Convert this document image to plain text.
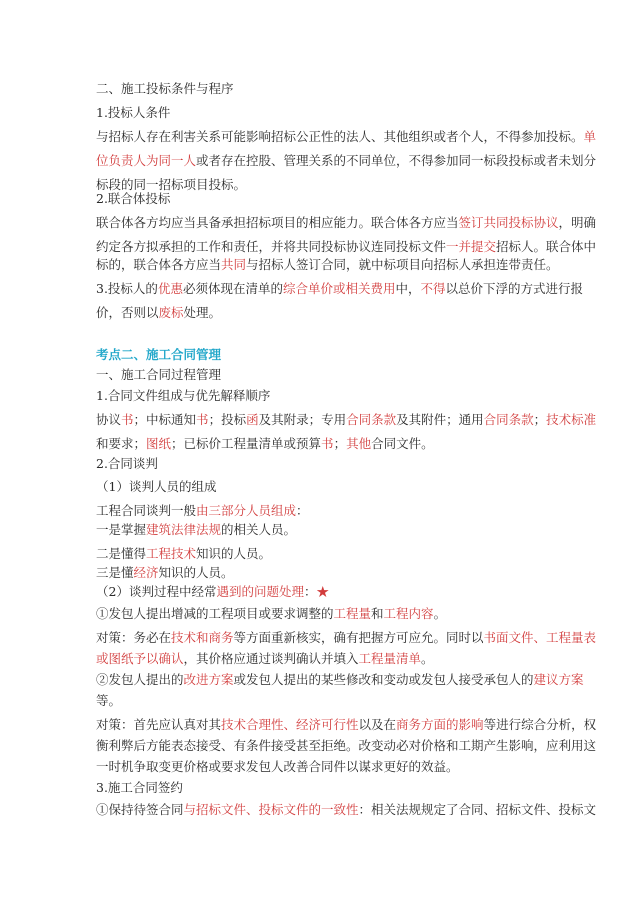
二、施工投标条件与程序
1.投标人条件
与招标人存在利害关系可能影响招标公正性的法人、其他组织或者个人，不得参加投标。单
位负责人为同一人或者存在控股、管理关系的不同单位，不得参加同一标段投标或者未划分
标段的同一招标项目投标。
2.联合体投标
联合体各方均应当具备承担招标项目的相应能力。联合体各方应当签订共同投标协议，明确
约定各方拟承担的工作和责任，并将共同投标协议连同投标文件一并提交招标人。联合体中
标的，联合体各方应当共同与招标人签订合同，就中标项目向招标人承担连带责任。
3.投标人的优惠必须体现在清单的综合单价或相关费用中，不得以总价下浮的方式进行报
价，否则以废标处理。
考点二、施工合同管理
一、施工合同过程管理
1.合同文件组成与优先解释顺序
协议书；中标通知书；投标函及其附录；专用合同条款及其附件；通用合同条款；技术标准
和要求；图纸；已标价工程量清单或预算书；其他合同文件。
2.合同谈判
（1）谈判人员的组成
工程合同谈判一般由三部分人员组成：
一是掌握建筑法律法规的相关人员。
二是懂得工程技术知识的人员。
三是懂经济知识的人员。
（2）谈判过程中经常遇到的问题处理：★
①发包人提出增减的工程项目或要求调整的工程量和工程内容。
对策：务必在技术和商务等方面重新核实，确有把握方可应允。同时以书面文件、工程量表
或图纸予以确认，其价格应通过谈判确认并填入工程量清单。
②发包人提出的改进方案或发包人提出的某些修改和变动或发包人接受承包人的建议方案
等。
对策：首先应认真对其技术合理性、经济可行性以及在商务方面的影响等进行综合分析，权
衡利弊后方能表态接受、有条件接受甚至拒绝。改变动必对价格和工期产生影响，应利用这
一时机争取变更价格或要求发包人改善合同件以谋求更好的效益。
3.施工合同签约
①保持待签合同与招标文件、投标文件的一致性：相关法规规定了合同、招标文件、投标文
